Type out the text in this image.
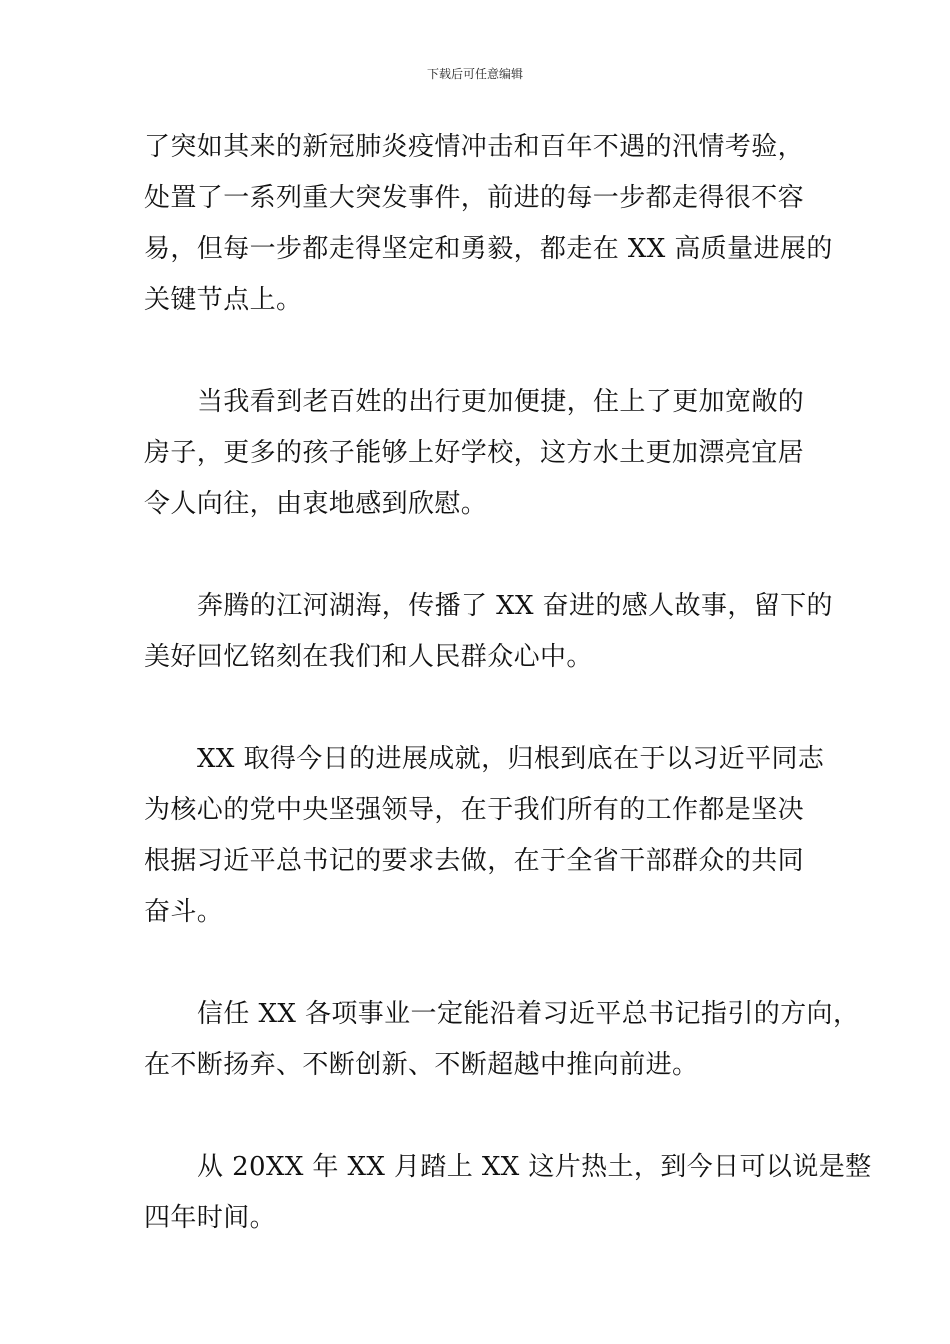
下载后可任意编辑
了突如其来的新冠肺炎疫情冲击和百年不遇的汛情考验，
处置了一系列重大突发事件，前进的每一步都走得很不容
易，但每一步都走得坚定和勇毅，都走在 XX 高质量进展的
关键节点上。
当我看到老百姓的出行更加便捷，住上了更加宽敞的
房子，更多的孩子能够上好学校，这方水土更加漂亮宜居
令人向往，由衷地感到欣慰。
奔腾的江河湖海，传播了 XX 奋进的感人故事，留下的
美好回忆铭刻在我们和人民群众心中。
XX 取得今日的进展成就，归根到底在于以习近平同志
为核心的党中央坚强领导，在于我们所有的工作都是坚决
根据习近平总书记的要求去做，在于全省干部群众的共同
奋斗。
信任 XX 各项事业一定能沿着习近平总书记指引的方向，
在不断扬弃、不断创新、不断超越中推向前进。
从 20XX 年 XX 月踏上 XX 这片热土，到今日可以说是整
四年时间。
